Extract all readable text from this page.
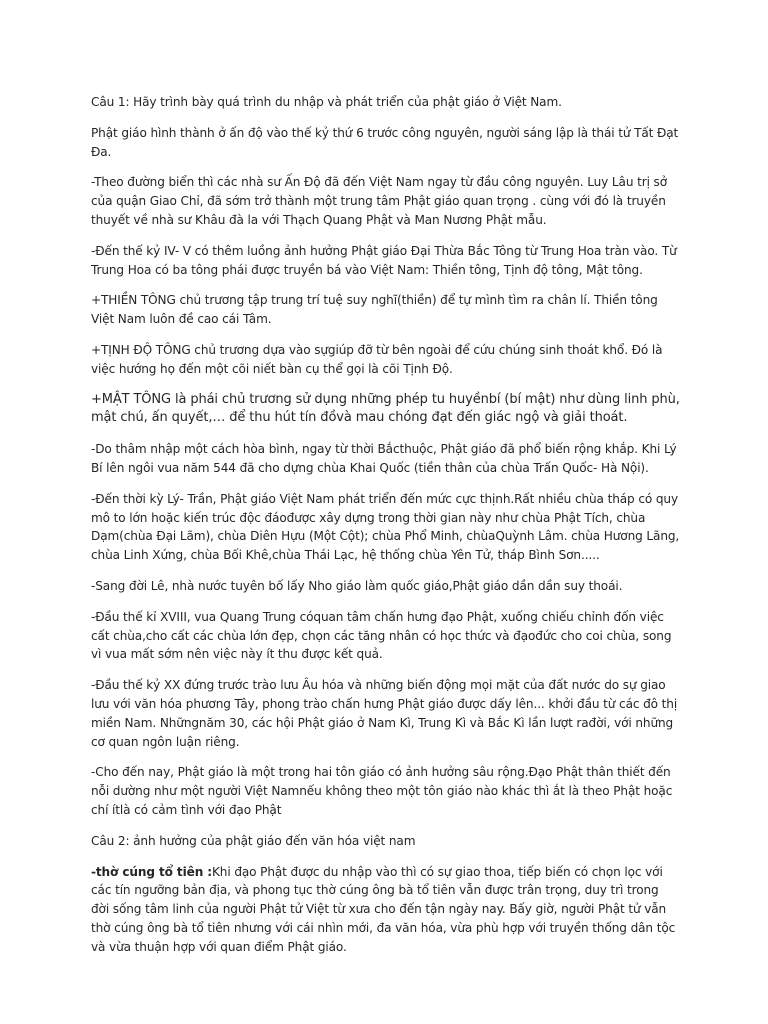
Câu 1: Hãy trình bày quá trình du nhập và phát triển của phật giáo ở Việt Nam.

Phật giáo hình thành ở ấn độ vào thế kỷ thứ 6 trước công nguyên, người sáng lập là thái tử Tất Đạt Đa.

-Theo đường biển thì các nhà sư Ấn Độ đã đến Việt Nam ngay từ đầu công nguyên. Luy Lâu trị sở của quận Giao Chỉ, đã sớm trở thành một trung tâm Phật giáo quan trọng . cùng với đó là truyền thuyết về nhà sư Khâu đà la với Thạch Quang Phật và Man Nương Phật mẫu.

-Đến thế kỷ IV- V có thêm luồng ảnh hưởng Phật giáo Đại Thừa Bắc Tông từ Trung Hoa tràn vào. Từ Trung Hoa có ba tông phái được truyền bá vào Việt Nam: Thiền tông, Tịnh độ tông, Mật tông.

+THIỀN TÔNG chủ trương tập trung trí tuệ suy nghĩ(thiền) để tự mình tìm ra chân lí. Thiền tông Việt Nam luôn đề cao cái Tâm.

+TỊNH ĐỘ TÔNG chủ trương dựa vào sựgiúp đỡ từ bên ngoài để cứu chúng sinh thoát khổ. Đó là việc hướng họ đến một cõi niết bàn cụ thể gọi là cõi Tịnh Độ.

+MẬT TÔNG là phái chủ trương sử dụng những phép tu huyềnbí (bí mật) như dùng linh phù, mật chú, ấn quyết,… để thu hút tín đồvà mau chóng đạt đến giác ngộ và giải thoát.

-Do thâm nhập một cách hòa bình, ngay từ thời Bắcthuộc, Phật giáo đã phổ biến rộng khắp. Khi Lý Bí lên ngôi vua năm 544 đã cho dựng chùa Khai Quốc (tiền thân của chùa Trấn Quốc- Hà Nội).

-Đến thời kỳ Lý- Trần, Phật giáo Việt Nam phát triển đến mức cực thịnh.Rất nhiều chùa tháp có quy mô to lớn hoặc kiến trúc độc đáođược xây dựng trong thời gian này như chùa Phật Tích, chùa Dạm(chùa Đại Lãm), chùa Diên Hựu (Một Cột); chùa Phổ Minh, chùaQuỳnh Lâm. chùa Hương Lãng, chùa Linh Xứng, chùa Bối Khê,chùa Thái Lạc, hệ thống chùa Yên Tử, tháp Bình Sơn.....

-Sang đời Lê, nhà nước tuyên bố lấy Nho giáo làm quốc giáo,Phật giáo dần dần suy thoái.

-Đầu thế kỉ XVIII, vua Quang Trung cóquan tâm chấn hưng đạo Phật, xuống chiếu chỉnh đốn việc cất chùa,cho cất các chùa lớn đẹp, chọn các tăng nhân có học thức và đạođức cho coi chùa, song vì vua mất sớm nên việc này ít thu được kết quả.

-Đầu thế kỷ XX đứng trước trào lưu Âu hóa và những biến động mọi mặt của đất nước do sự giao lưu với văn hóa phương Tây, phong trào chấn hưng Phật giáo được dấy lên... khởi đầu từ các đô thị miền Nam. Nhữngnăm 30, các hội Phật giáo ở Nam Kì, Trung Kì và Bắc Kì lần lượt rađời, với những cơ quan ngôn luận riêng.

-Cho đến nay, Phật giáo là một trong hai tôn giáo có ảnh hưởng sâu rộng.Đạo Phật thân thiết đến nỗi dường như một người Việt Namnếu không theo một tôn giáo nào khác thì ắt là theo Phật hoặc chí ítlà có cảm tình với đạo Phật

Câu 2: ảnh hưởng của phật giáo đến văn hóa việt nam

-thờ cúng tổ tiên :Khi đạo Phật được du nhập vào thì có sự giao thoa, tiếp biến có chọn lọc với các tín ngưỡng bản địa, và phong tục thờ cúng ông bà tổ tiên vẫn được trân trọng, duy trì trong đời sống tâm linh của người Phật tử Việt từ xưa cho đến tận ngày nay. Bấy giờ, người Phật tử vẫn thờ cúng ông bà tổ tiên nhưng với cái nhìn mới, đa văn hóa, vừa phù hợp với truyền thống dân tộc và vừa thuận hợp với quan điểm Phật giáo.
